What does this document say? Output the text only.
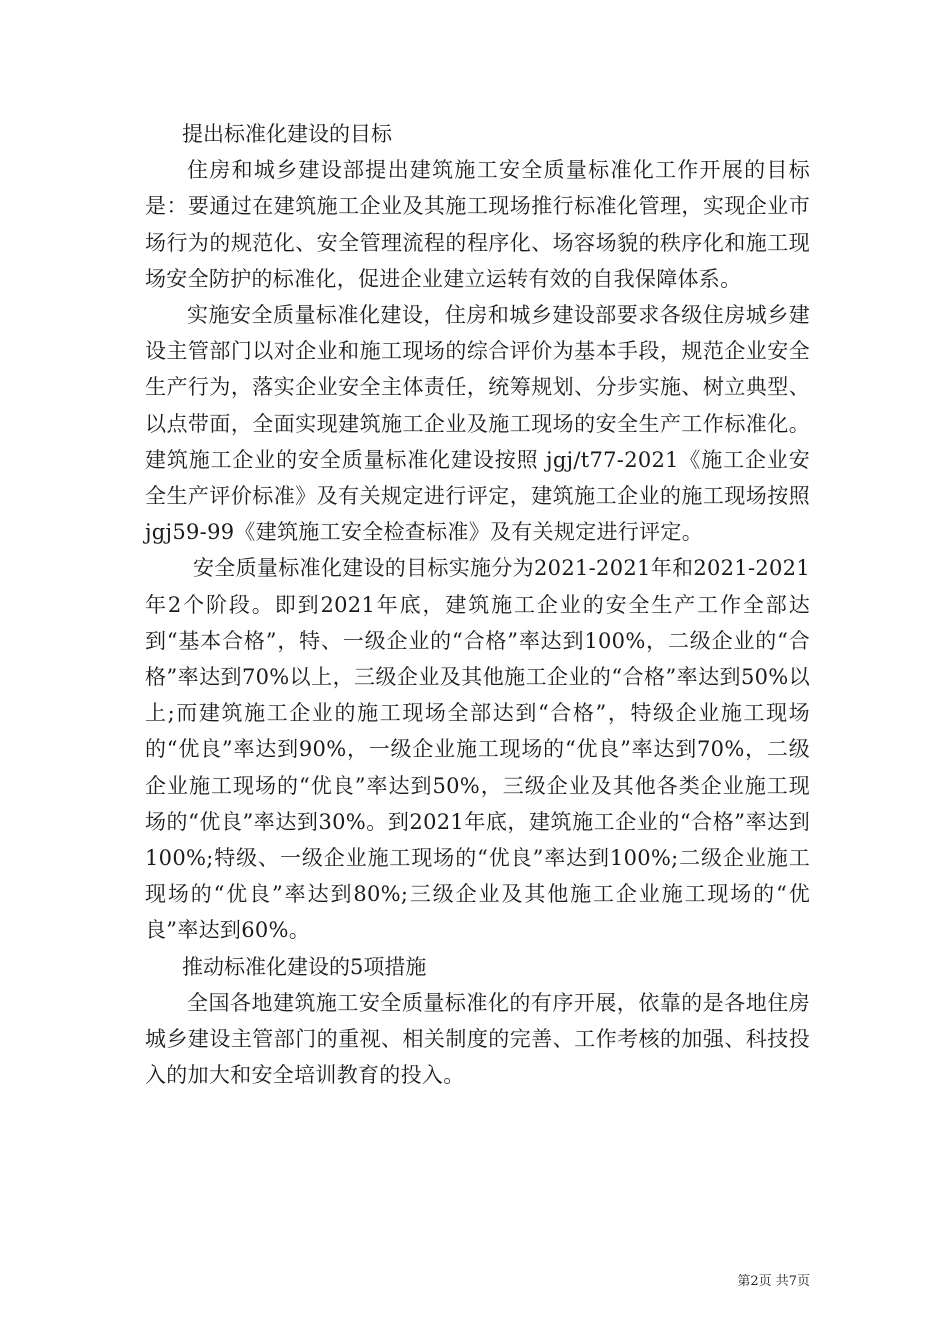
提出标准化建设的目标

住房和城乡建设部提出建筑施工安全质量标准化工作开展的目标是：要通过在建筑施工企业及其施工现场推行标准化管理，实现企业市场行为的规范化、安全管理流程的程序化、场容场貌的秩序化和施工现场安全防护的标准化，促进企业建立运转有效的自我保障体系。

实施安全质量标准化建设，住房和城乡建设部要求各级住房城乡建设主管部门以对企业和施工现场的综合评价为基本手段，规范企业安全生产行为，落实企业安全主体责任，统筹规划、分步实施、树立典型、以点带面，全面实现建筑施工企业及施工现场的安全生产工作标准化。建筑施工企业的安全质量标准化建设按照 jgj/t77-2021《施工企业安全生产评价标准》及有关规定进行评定，建筑施工企业的施工现场按照 jgj59-99《建筑施工安全检查标准》及有关规定进行评定。

安全质量标准化建设的目标实施分为2021-2021年和2021-2021年2个阶段。即到2021年底，建筑施工企业的安全生产工作全部达到“基本合格”，特、一级企业的“合格”率达到100%，二级企业的“合格”率达到70%以上，三级企业及其他施工企业的“合格”率达到50%以上;而建筑施工企业的施工现场全部达到“合格”，特级企业施工现场的“优良”率达到90%，一级企业施工现场的“优良”率达到70%，二级企业施工现场的“优良”率达到50%，三级企业及其他各类企业施工现场的“优良”率达到30%。到2021年底，建筑施工企业的“合格”率达到100%;特级、一级企业施工现场的“优良”率达到100%;二级企业施工现场的“优良”率达到80%;三级企业及其他施工企业施工现场的“优良”率达到60%。

推动标准化建设的5项措施

全国各地建筑施工安全质量标准化的有序开展，依靠的是各地住房城乡建设主管部门的重视、相关制度的完善、工作考核的加强、科技投入的加大和安全培训教育的投入。

第2页 共7页
